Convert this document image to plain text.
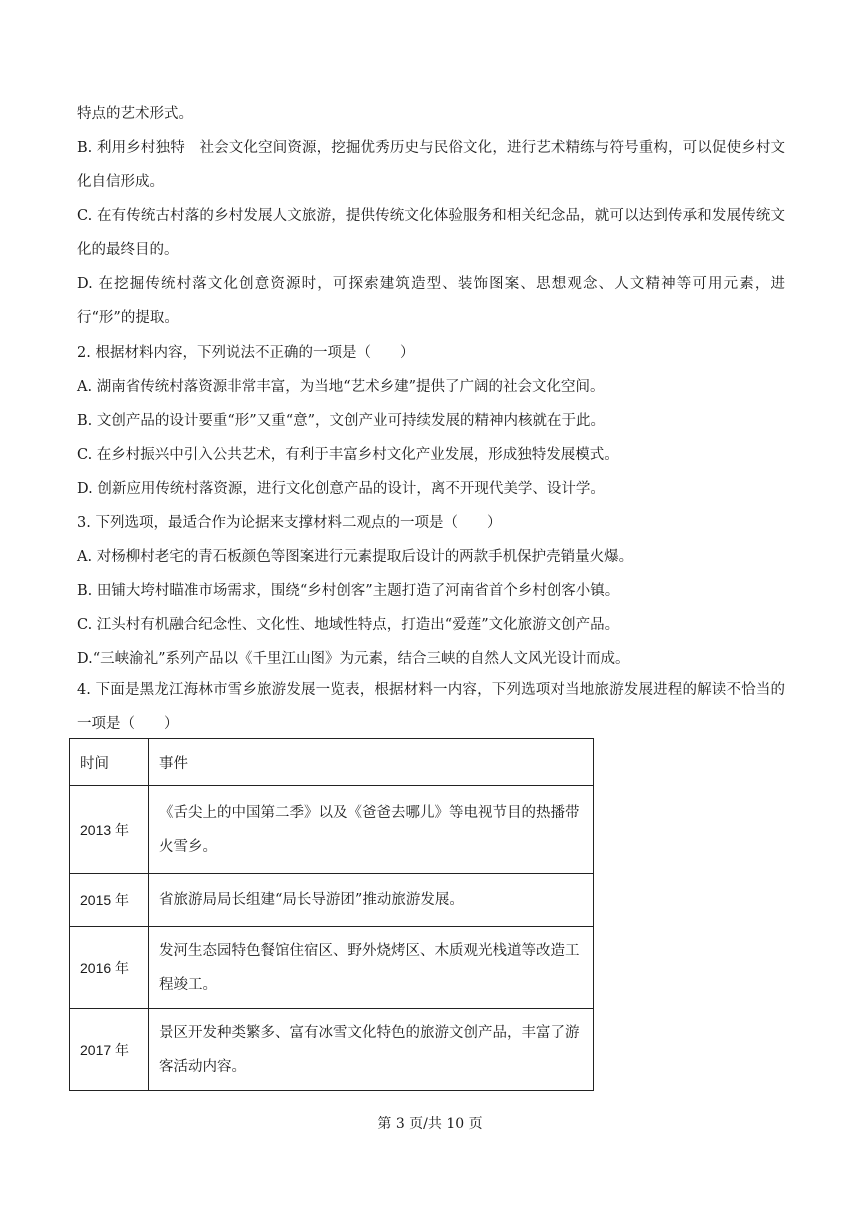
特点的艺术形式。

B. 利用乡村独特　社会文化空间资源，挖掘优秀历史与民俗文化，进行艺术精练与符号重构，可以促使乡村文化自信形成。

C. 在有传统古村落的乡村发展人文旅游，提供传统文化体验服务和相关纪念品，就可以达到传承和发展传统文化的最终目的。

D. 在挖掘传统村落文化创意资源时，可探索建筑造型、装饰图案、思想观念、人文精神等可用元素，进行“形”的提取。

2. 根据材料内容，下列说法不正确的一项是（　　）

A. 湖南省传统村落资源非常丰富，为当地“艺术乡建”提供了广阔的社会文化空间。

B. 文创产品的设计要重“形”又重“意”，文创产业可持续发展的精神内核就在于此。

C. 在乡村振兴中引入公共艺术，有利于丰富乡村文化产业发展，形成独特发展模式。

D. 创新应用传统村落资源，进行文化创意产品的设计，离不开现代美学、设计学。

3. 下列选项，最适合作为论据来支撑材料二观点的一项是（　　）

A. 对杨柳村老宅的青石板颜色等图案进行元素提取后设计的两款手机保护壳销量火爆。

B. 田铺大垮村瞄准市场需求，围绕“乡村创客”主题打造了河南省首个乡村创客小镇。

C. 江头村有机融合纪念性、文化性、地域性特点，打造出“爱莲”文化旅游文创产品。

D.“三峡渝礼”系列产品以《千里江山图》为元素，结合三峡的自然人文风光设计而成。

4. 下面是黑龙江海林市雪乡旅游发展一览表，根据材料一内容，下列选项对当地旅游发展进程的解读不恰当的一项是（　　）

时间	事件
2013 年	《舌尖上的中国第二季》以及《爸爸去哪儿》等电视节目的热播带火雪乡。
2015 年	省旅游局局长组建“局长导游团”推动旅游发展。
2016 年	发河生态园特色餐馆住宿区、野外烧烤区、木质观光栈道等改造工程竣工。
2017 年	景区开发种类繁多、富有冰雪文化特色的旅游文创产品，丰富了游客活动内容。
第 3 页/共 10 页
